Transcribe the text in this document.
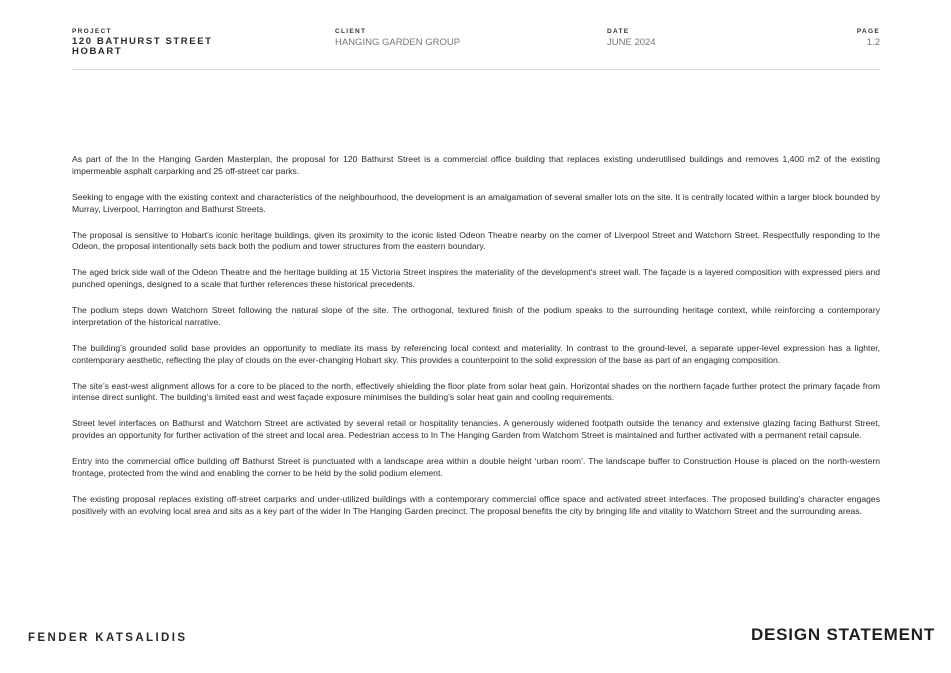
PROJECT
120 BATHURST STREET
HOBART
CLIENT
HANGING GARDEN GROUP
DATE
JUNE 2024
PAGE
1.2

As part of the In the Hanging Garden Masterplan, the proposal for 120 Bathurst Street is a commercial office building that replaces existing underutilised buildings and removes 1,400 m2 of the existing impermeable asphalt carparking and 25 off-street car parks.

Seeking to engage with the existing context and characteristics of the neighbourhood, the development is an amalgamation of several smaller lots on the site. It is centrally located within a larger block bounded by Murray, Liverpool, Harrington and Bathurst Streets.

The proposal is sensitive to Hobart’s iconic heritage buildings, given its proximity to the iconic listed Odeon Theatre nearby on the corner of Liverpool Street and Watchorn Street. Respectfully responding to the Odeon, the proposal intentionally sets back both the podium and tower structures from the eastern boundary.

The aged brick side wall of the Odeon Theatre and the heritage building at 15 Victoria Street inspires the materiality of the development’s street wall. The façade is a layered composition with expressed piers and punched openings, designed to a scale that further references these historical precedents.

The podium steps down Watchorn Street following the natural slope of the site. The orthogonal, textured finish of the podium speaks to the surrounding heritage context, while reinforcing a contemporary interpretation of the historical narrative.

The building’s grounded solid base provides an opportunity to mediate its mass by referencing local context and materiality. In contrast to the ground-level, a separate upper-level expression has a lighter, contemporary aesthetic, reflecting the play of clouds on the ever-changing Hobart sky. This provides a counterpoint to the solid expression of the base as part of an engaging composition.

The site’s east-west alignment allows for a core to be placed to the north, effectively shielding the floor plate from solar heat gain. Horizontal shades on the northern façade further protect the primary façade from intense direct sunlight. The building’s limited east and west façade exposure minimises the building’s solar heat gain and cooling requirements.

Street level interfaces on Bathurst and Watchorn Street are activated by several retail or hospitality tenancies. A generously widened footpath outside the tenancy and extensive glazing facing Bathurst Street, provides an opportunity for further activation of the street and local area. Pedestrian access to In The Hanging Garden from Watchorn Street is maintained and further activated with a permanent retail capsule.

Entry into the commercial office building off Bathurst Street is punctuated with a landscape area within a double height ‘urban room’. The landscape buffer to Construction House is placed on the north-western frontage, protected from the wind and enabling the corner to be held by the solid podium element.

The existing proposal replaces existing off-street carparks and under-utilized buildings with a contemporary commercial office space and activated street interfaces. The proposed building’s character engages positively with an evolving local area and sits as a key part of the wider In The Hanging Garden precinct. The proposal benefits the city by bringing life and vitality to Watchorn Street and the surrounding areas.

FENDER KATSALIDIS	DESIGN STATEMENT
